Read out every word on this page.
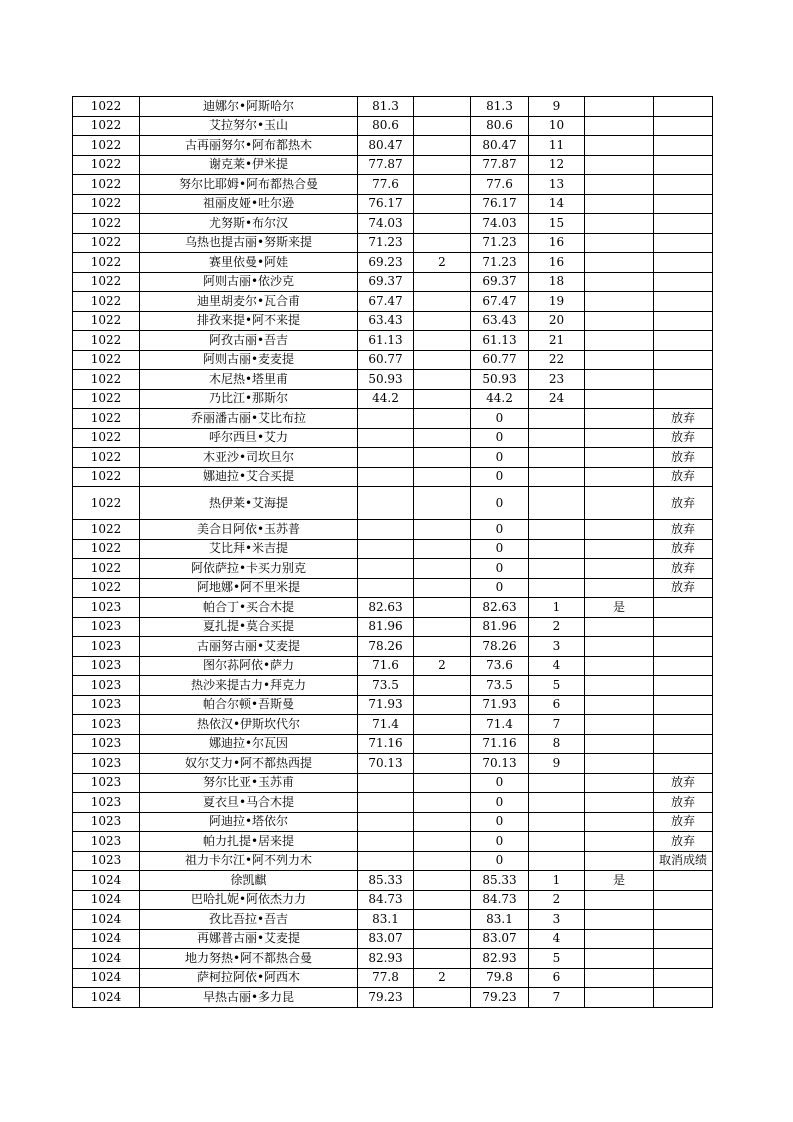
1022	迪娜尔•阿斯哈尔	81.3		81.3	9		
1022	艾拉努尔•玉山	80.6		80.6	10		
1022	古再丽努尔•阿布都热木	80.47		80.47	11		
1022	谢克莱•伊米提	77.87		77.87	12		
1022	努尔比耶姆•阿布都热合曼	77.6		77.6	13		
1022	祖丽皮娅•吐尔逊	76.17		76.17	14		
1022	尤努斯•布尔汉	74.03		74.03	15		
1022	乌热也提古丽•努斯来提	71.23		71.23	16		
1022	赛里依曼•阿娃	69.23	2	71.23	16		
1022	阿则古丽•依沙克	69.37		69.37	18		
1022	迪里胡麦尔•瓦合甫	67.47		67.47	19		
1022	排孜来提•阿不来提	63.43		63.43	20		
1022	阿孜古丽•吾吉	61.13		61.13	21		
1022	阿则古丽•麦麦提	60.77		60.77	22		
1022	木尼热•塔里甫	50.93		50.93	23		
1022	乃比江•那斯尔	44.2		44.2	24		
1022	乔丽潘古丽•艾比布拉			0			放弃
1022	呼尔西旦•艾力			0			放弃
1022	木亚沙•司坎旦尔			0			放弃
1022	娜迪拉•艾合买提			0			放弃
1022	热伊莱•艾海提			0			放弃
1022	美合日阿依•玉苏普			0			放弃
1022	艾比拜•米吉提			0			放弃
1022	阿依萨拉•卡买力别克			0			放弃
1022	阿地娜•阿不里米提			0			放弃
1023	帕合丁•买合木提	82.63		82.63	1	是	
1023	夏扎提•莫合买提	81.96		81.96	2		
1023	古丽努古丽•艾麦提	78.26		78.26	3		
1023	图尔荪阿依•萨力	71.6	2	73.6	4		
1023	热沙来提古力•拜克力	73.5		73.5	5		
1023	帕合尔顿•吾斯曼	71.93		71.93	6		
1023	热依汉•伊斯坎代尔	71.4		71.4	7		
1023	娜迪拉•尔瓦因	71.16		71.16	8		
1023	奴尔艾力•阿不都热西提	70.13		70.13	9		
1023	努尔比亚•玉苏甫			0			放弃
1023	夏衣旦•马合木提			0			放弃
1023	阿迪拉•塔依尔			0			放弃
1023	帕力扎提•居来提			0			放弃
1023	祖力卡尔江•阿不列力木			0			取消成绩
1024	徐凯麒	85.33		85.33	1	是	
1024	巴哈扎妮•阿依杰力力	84.73		84.73	2		
1024	孜比吾拉•吾吉	83.1		83.1	3		
1024	再娜普古丽•艾麦提	83.07		83.07	4		
1024	地力努热•阿不都热合曼	82.93		82.93	5		
1024	萨柯拉阿依•阿西木	77.8	2	79.8	6		
1024	早热古丽•多力昆	79.23		79.23	7		
